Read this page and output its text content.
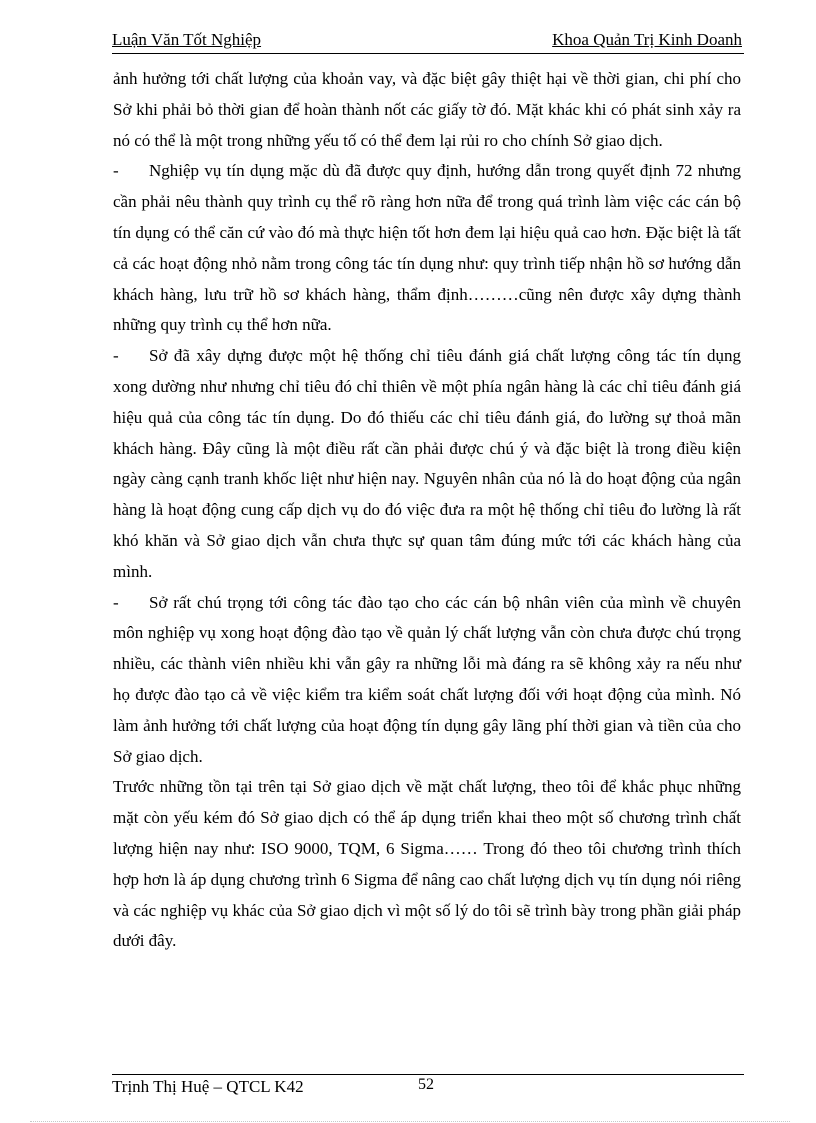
Luận Văn Tốt Nghiệp	Khoa Quản Trị Kinh Doanh

ảnh hưởng tới chất lượng của khoản vay, và đặc biệt gây thiệt hại về thời gian, chi phí cho Sở khi phải bỏ thời gian để hoàn thành nốt các giấy tờ đó. Mặt khác khi có phát sinh xảy ra nó có thể là một trong những yếu tố có thể đem lại rủi ro cho chính Sở giao dịch.

- Nghiệp vụ tín dụng mặc dù đã được quy định, hướng dẫn trong quyết định 72 nhưng cần phải nêu thành quy trình cụ thể rõ ràng hơn nữa để trong quá trình làm việc các cán bộ tín dụng có thể căn cứ vào đó mà thực hiện tốt hơn đem lại hiệu quả cao hơn. Đặc biệt là tất cả các hoạt động nhỏ nằm trong công tác tín dụng như: quy trình tiếp nhận hồ sơ hướng dẫn khách hàng, lưu trữ hồ sơ khách hàng, thẩm định………cũng nên được xây dựng thành những quy trình cụ thể hơn nữa.

- Sở đã xây dựng được một hệ thống chỉ tiêu đánh giá chất lượng công tác tín dụng xong dường như nhưng chỉ tiêu đó chỉ thiên về một phía ngân hàng là các chỉ tiêu đánh giá hiệu quả của công tác tín dụng. Do đó thiếu các chỉ tiêu đánh giá, đo lường sự thoả mãn khách hàng. Đây cũng là một điều rất cần phải được chú ý và đặc biệt là trong điều kiện ngày càng cạnh tranh khốc liệt như hiện nay. Nguyên nhân của nó là do hoạt động của ngân hàng là hoạt động cung cấp dịch vụ do đó việc đưa ra một hệ thống chỉ tiêu đo lường là rất khó khăn và Sở giao dịch vẫn chưa thực sự quan tâm đúng mức tới các khách hàng của mình.

- Sở rất chú trọng tới công tác đào tạo cho các cán bộ nhân viên của mình về chuyên môn nghiệp vụ xong hoạt động đào tạo về quản lý chất lượng vẫn còn chưa được chú trọng nhiều, các thành viên nhiều khi vẫn gây ra những lỗi mà đáng ra sẽ không xảy ra nếu như họ được đào tạo cả về việc kiểm tra kiểm soát chất lượng đối với hoạt động của mình. Nó làm ảnh hưởng tới chất lượng của hoạt động tín dụng gây lãng phí thời gian và tiền của cho Sở giao dịch.

Trước những tồn tại trên tại Sở giao dịch về mặt chất lượng, theo tôi để khắc phục những mặt còn yếu kém đó Sở giao dịch có thể áp dụng triển khai theo một số chương trình chất lượng hiện nay như: ISO 9000, TQM, 6 Sigma…… Trong đó theo tôi chương trình thích hợp hơn là áp dụng chương trình 6 Sigma để nâng cao chất lượng dịch vụ tín dụng nói riêng và các nghiệp vụ khác của Sở giao dịch vì một số lý do tôi sẽ trình bày trong phần giải pháp dưới đây.

Trịnh Thị Huệ – QTCL K42	52
